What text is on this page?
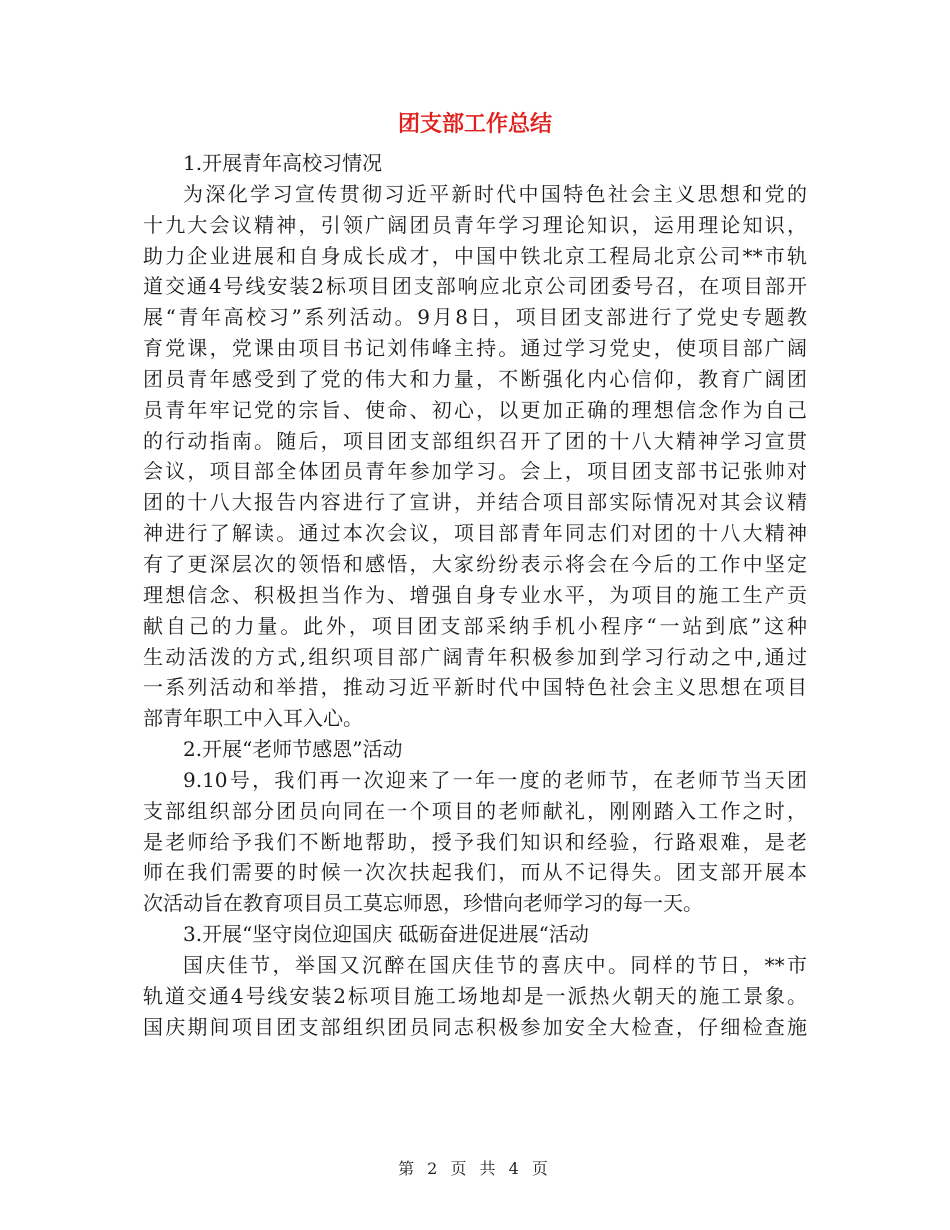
团支部工作总结
1.开展青年高校习情况
为深化学习宣传贯彻习近平新时代中国特色社会主义思想和党的
十九大会议精神，引领广阔团员青年学习理论知识，运用理论知识，
助力企业进展和自身成长成才，中国中铁北京工程局北京公司**市轨
道交通4号线安装2标项目团支部响应北京公司团委号召，在项目部开
展“青年高校习”系列活动。9月8日，项目团支部进行了党史专题教
育党课，党课由项目书记刘伟峰主持。通过学习党史，使项目部广阔
团员青年感受到了党的伟大和力量，不断强化内心信仰，教育广阔团
员青年牢记党的宗旨、使命、初心，以更加正确的理想信念作为自己
的行动指南。随后，项目团支部组织召开了团的十八大精神学习宣贯
会议，项目部全体团员青年参加学习。会上，项目团支部书记张帅对
团的十八大报告内容进行了宣讲，并结合项目部实际情况对其会议精
神进行了解读。通过本次会议，项目部青年同志们对团的十八大精神
有了更深层次的领悟和感悟，大家纷纷表示将会在今后的工作中坚定
理想信念、积极担当作为、增强自身专业水平，为项目的施工生产贡
献自己的力量。此外，项目团支部采纳手机小程序“一站到底”这种
生动活泼的方式,组织项目部广阔青年积极参加到学习行动之中,通过
一系列活动和举措，推动习近平新时代中国特色社会主义思想在项目
部青年职工中入耳入心。
2.开展“老师节感恩”活动
9.10号，我们再一次迎来了一年一度的老师节，在老师节当天团
支部组织部分团员向同在一个项目的老师献礼，刚刚踏入工作之时，
是老师给予我们不断地帮助，授予我们知识和经验，行路艰难，是老
师在我们需要的时候一次次扶起我们，而从不记得失。团支部开展本
次活动旨在教育项目员工莫忘师恩，珍惜向老师学习的每一天。
3.开展“坚守岗位迎国庆 砥砺奋进促进展“活动
国庆佳节，举国又沉醉在国庆佳节的喜庆中。同样的节日，**市
轨道交通4号线安装2标项目施工场地却是一派热火朝天的施工景象。
国庆期间项目团支部组织团员同志积极参加安全大检查，仔细检查施
第 2 页 共 4 页
